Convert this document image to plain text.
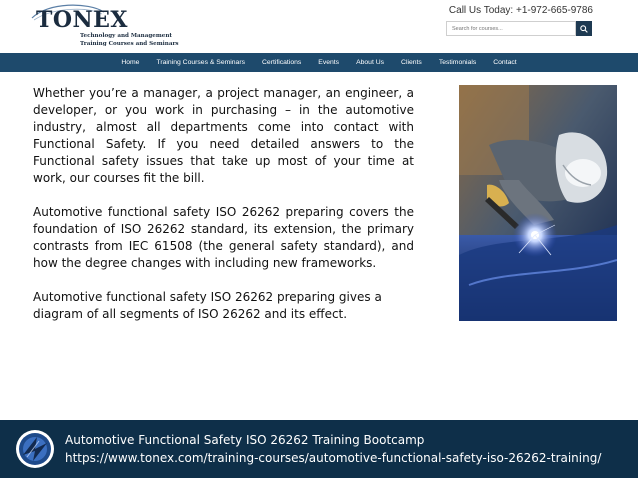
TONEX
Technology and Management
Training Courses and Seminars
Call Us Today: +1-972-665-9786
Search for courses...
Home	Training Courses & Seminars	Certifications	Events	About Us	Clients	Testimonials	Contact

Whether you’re a manager, a project manager, an engineer, a developer, or you work in purchasing – in the automotive industry, almost all departments come into contact with Functional Safety. If you need detailed answers to the Functional safety issues that take up most of your time at work, our courses fit the bill.

Automotive functional safety ISO 26262 preparing covers the foundation of ISO 26262 standard, its extension, the primary contrasts from IEC 61508 (the general safety standard), and how the degree changes with including new frameworks.

Automotive functional safety ISO 26262 preparing gives a diagram of all segments of ISO 26262 and its effect.

Automotive Functional Safety ISO 26262 Training Bootcamp
https://www.tonex.com/training-courses/automotive-functional-safety-iso-26262-training/
